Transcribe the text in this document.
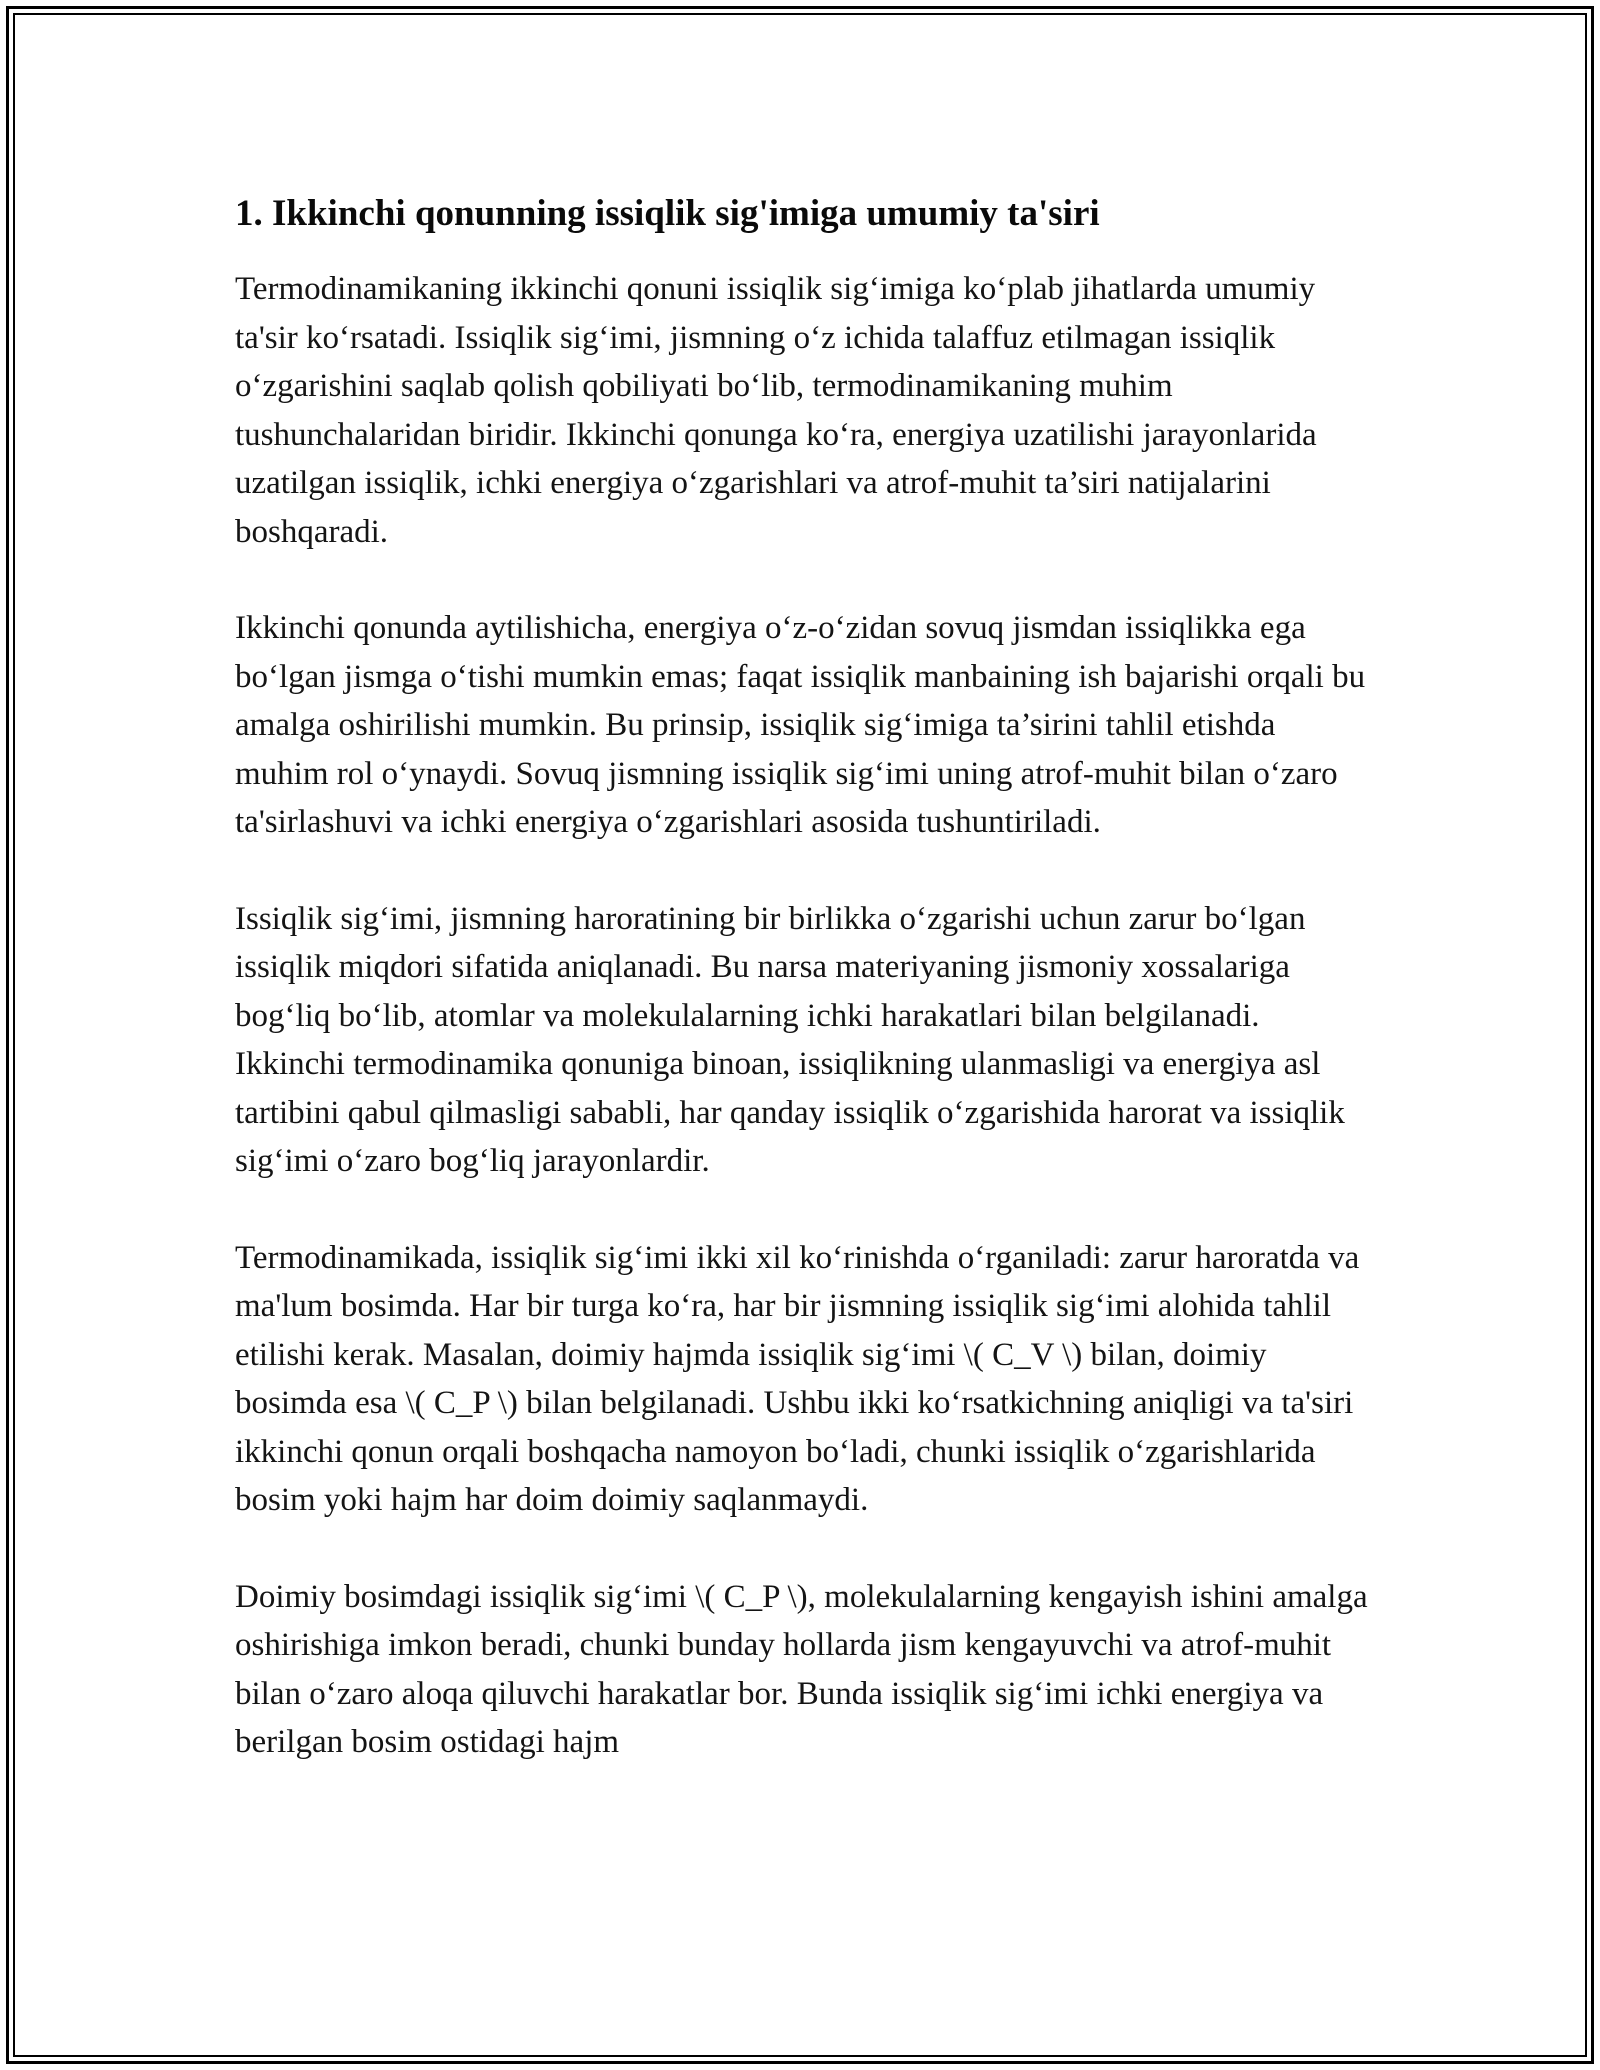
1. Ikkinchi qonunning issiqlik sig'imiga umumiy ta'siri

Termodinamikaning ikkinchi qonuni issiqlik sig‘imiga ko‘plab jihatlarda umumiy ta'sir ko‘rsatadi. Issiqlik sig‘imi, jismning o‘z ichida talaffuz etilmagan issiqlik o‘zgarishini saqlab qolish qobiliyati bo‘lib, termodinamikaning muhim tushunchalaridan biridir. Ikkinchi qonunga ko‘ra, energiya uzatilishi jarayonlarida uzatilgan issiqlik, ichki energiya o‘zgarishlari va atrof-muhit ta’siri natijalarini boshqaradi.

Ikkinchi qonunda aytilishicha, energiya o‘z-o‘zidan sovuq jismdan issiqlikka ega bo‘lgan jismga o‘tishi mumkin emas; faqat issiqlik manbaining ish bajarishi orqali bu amalga oshirilishi mumkin. Bu prinsip, issiqlik sig‘imiga ta’sirini tahlil etishda muhim rol o‘ynaydi. Sovuq jismning issiqlik sig‘imi uning atrof-muhit bilan o‘zaro ta'sirlashuvi va ichki energiya o‘zgarishlari asosida tushuntiriladi.

Issiqlik sig‘imi, jismning haroratining bir birlikka o‘zgarishi uchun zarur bo‘lgan issiqlik miqdori sifatida aniqlanadi. Bu narsa materiyaning jismoniy xossalariga bog‘liq bo‘lib, atomlar va molekulalarning ichki harakatlari bilan belgilanadi. Ikkinchi termodinamika qonuniga binoan, issiqlikning ulanmasligi va energiya asl tartibini qabul qilmasligi sababli, har qanday issiqlik o‘zgarishida harorat va issiqlik sig‘imi o‘zaro bog‘liq jarayonlardir.

Termodinamikada, issiqlik sig‘imi ikki xil ko‘rinishda o‘rganiladi: zarur haroratda va ma'lum bosimda. Har bir turga ko‘ra, har bir jismning issiqlik sig‘imi alohida tahlil etilishi kerak. Masalan, doimiy hajmda issiqlik sig‘imi \( C_V \) bilan, doimiy bosimda esa \( C_P \) bilan belgilanadi. Ushbu ikki ko‘rsatkichning aniqligi va ta'siri ikkinchi qonun orqali boshqacha namoyon bo‘ladi, chunki issiqlik o‘zgarishlarida bosim yoki hajm har doim doimiy saqlanmaydi.

Doimiy bosimdagi issiqlik sig‘imi \( C_P \), molekulalarning kengayish ishini amalga oshirishiga imkon beradi, chunki bunday hollarda jism kengayuvchi va atrof-muhit bilan o‘zaro aloqa qiluvchi harakatlar bor. Bunda issiqlik sig‘imi ichki energiya va berilgan bosim ostidagi hajm
